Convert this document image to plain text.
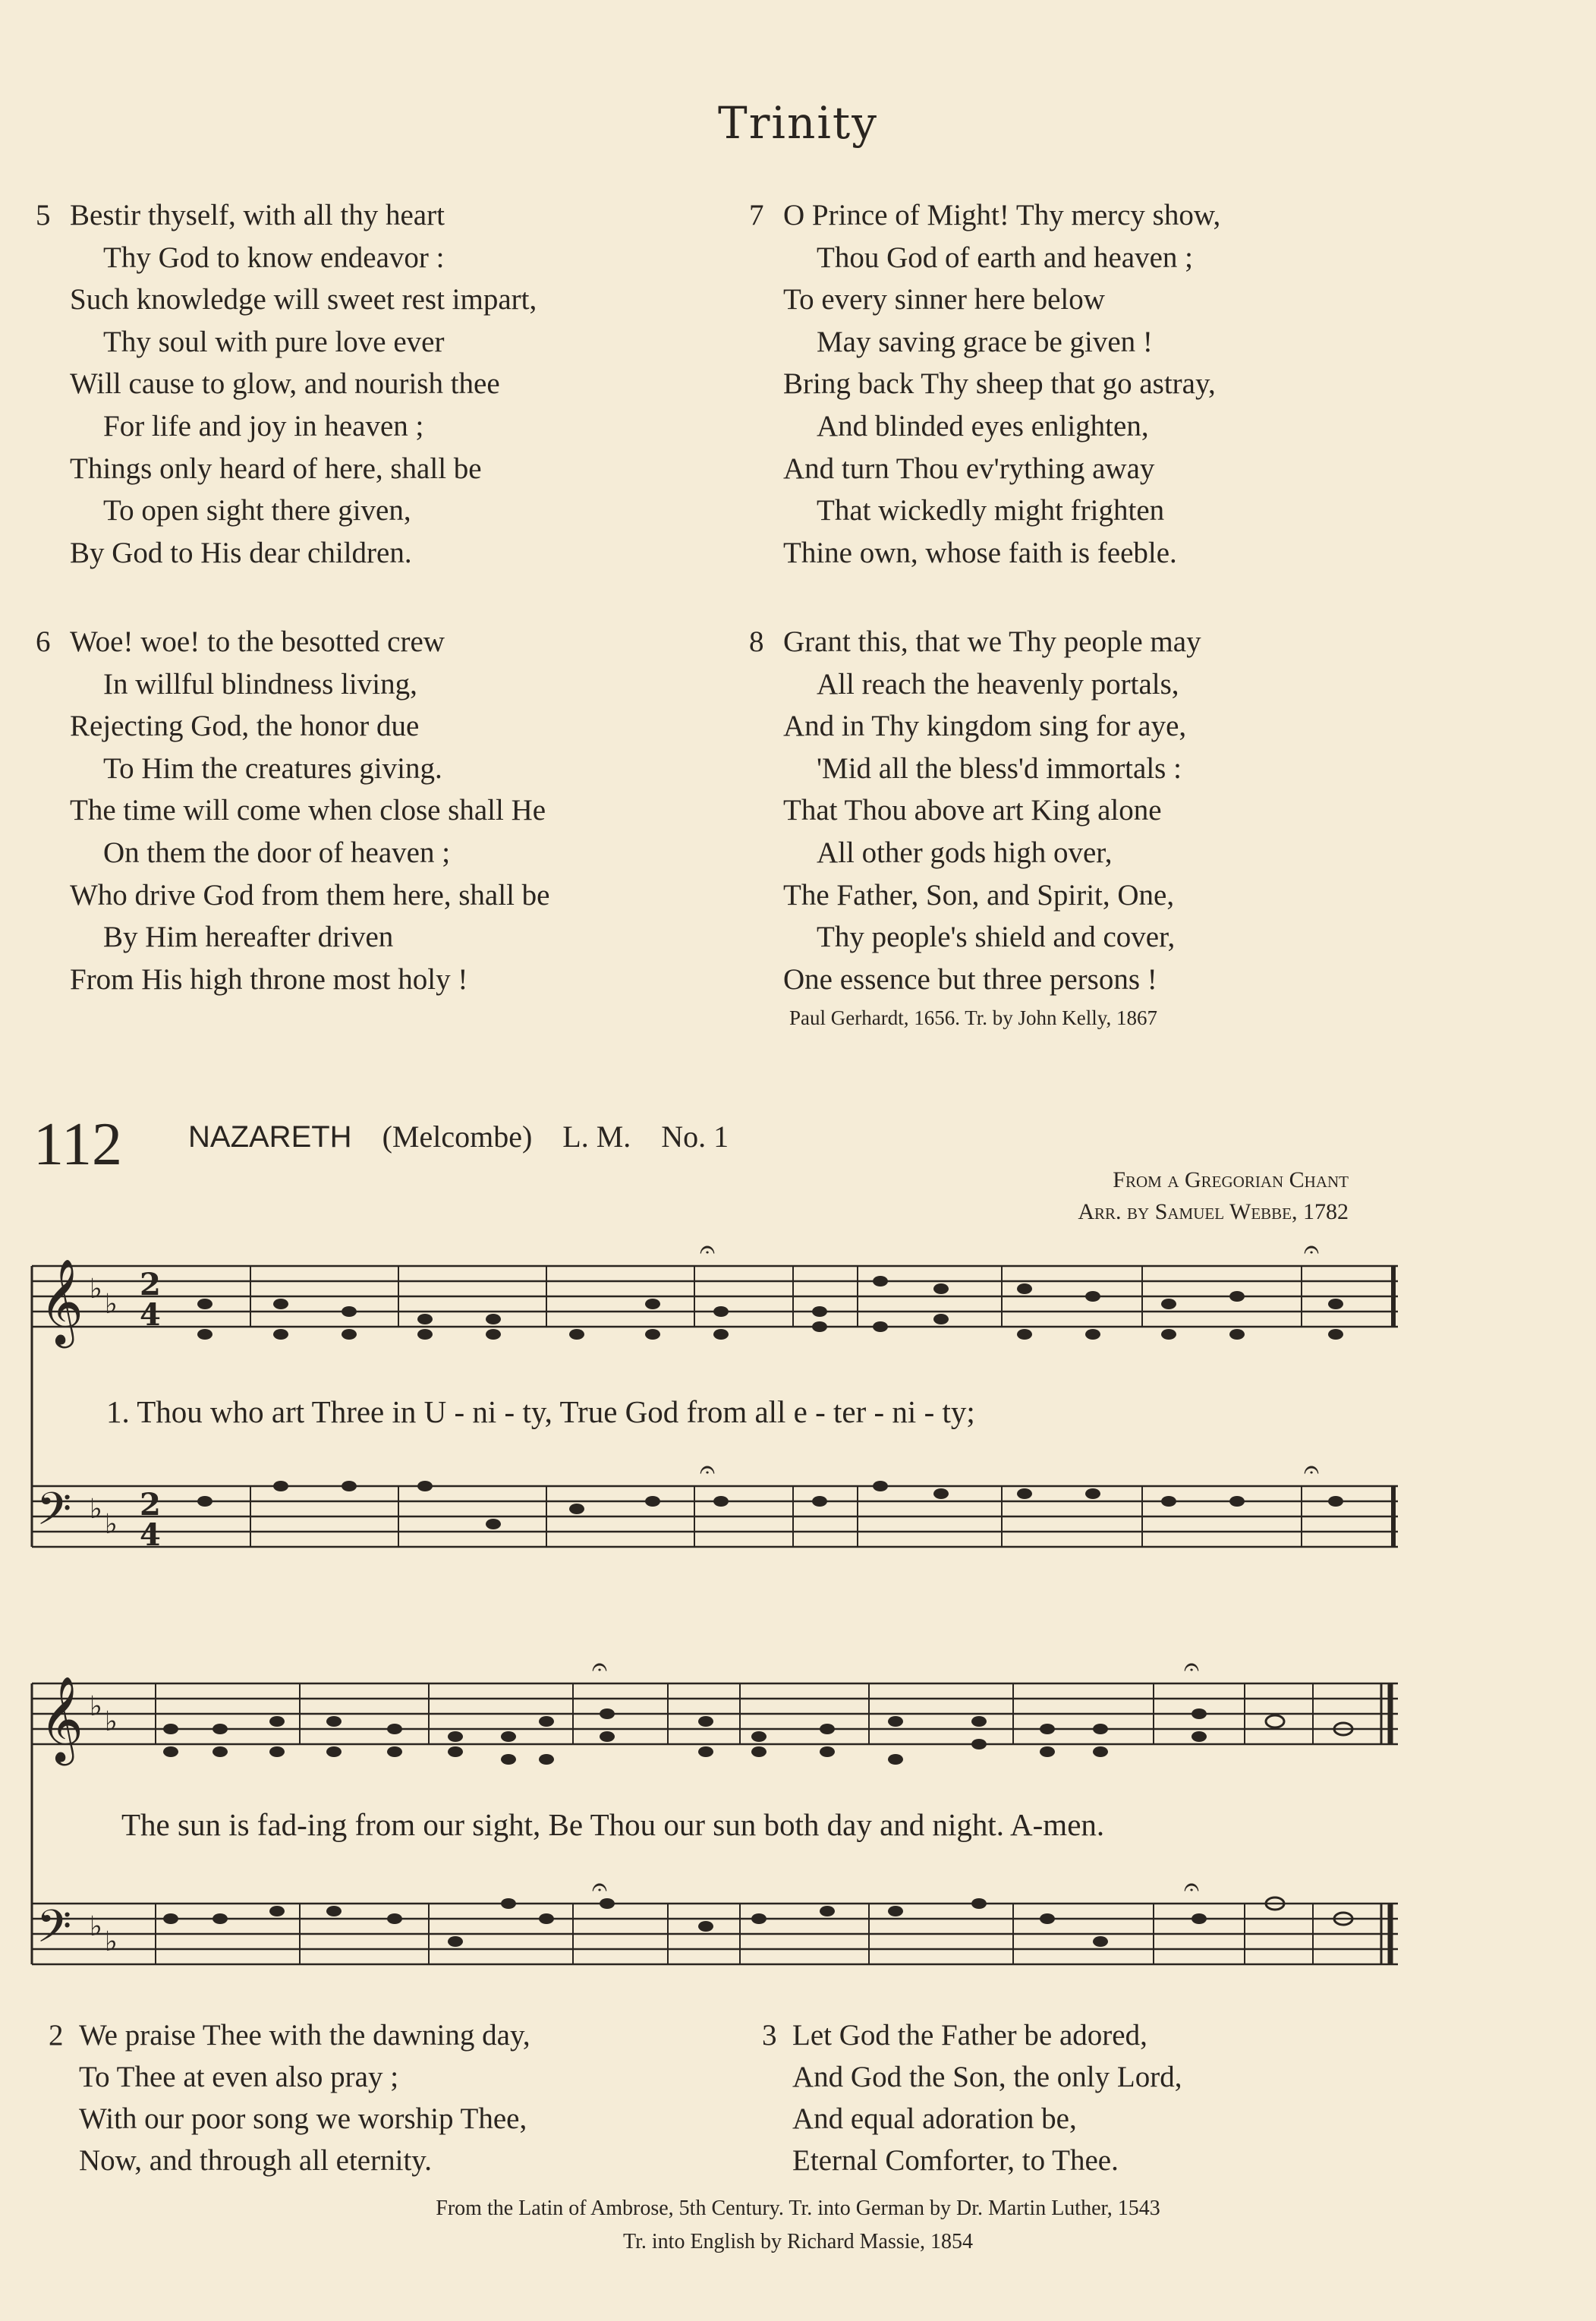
Trinity
5 Bestir thyself, with all thy heart
Thy God to know endeavor :
Such knowledge will sweet rest impart,
Thy soul with pure love ever
Will cause to glow, and nourish thee
For life and joy in heaven ;
Things only heard of here, shall be
To open sight there given,
By God to His dear children.
6 Woe! woe! to the besotted crew
In willful blindness living,
Rejecting God, the honor due
To Him the creatures giving.
The time will come when close shall He
On them the door of heaven ;
Who drive God from them here, shall be
By Him hereafter driven
From His high throne most holy !
7 O Prince of Might! Thy mercy show,
Thou God of earth and heaven ;
To every sinner here below
May saving grace be given !
Bring back Thy sheep that go astray,
And blinded eyes enlighten,
And turn Thou ev'rything away
That wickedly might frighten
Thine own, whose faith is feeble.
8 Grant this, that we Thy people may
All reach the heavenly portals,
And in Thy kingdom sing for aye,
'Mid all the bless'd immortals :
That Thou above art King alone
All other gods high over,
The Father, Son, and Spirit, One,
Thy people's shield and cover,
One essence but three persons !
Paul Gerhardt, 1656. Tr. by John Kelly, 1867
112 NAZARETH (Melcombe) L. M. No. 1
From a Gregorian Chant
Arr. by Samuel Webbe, 1782
𝄞
𝄢
♭ ♭
♭ ♭
2
4
2
4
𝄐	𝄐
𝄐	𝄐
1. Thou who art Three in U - ni - ty, True God from all e - ter - ni - ty;
𝄞
𝄢
♭ ♭
♭ ♭
𝄐	𝄐
𝄐	𝄐
The sun is fad-ing from our sight, Be Thou our sun both day and night. A-men.
2 We praise Thee with the dawning day,
To Thee at even also pray ;
With our poor song we worship Thee,
Now, and through all eternity.
3 Let God the Father be adored,
And God the Son, the only Lord,
And equal adoration be,
Eternal Comforter, to Thee.
From the Latin of Ambrose, 5th Century. Tr. into German by Dr. Martin Luther, 1543
Tr. into English by Richard Massie, 1854
